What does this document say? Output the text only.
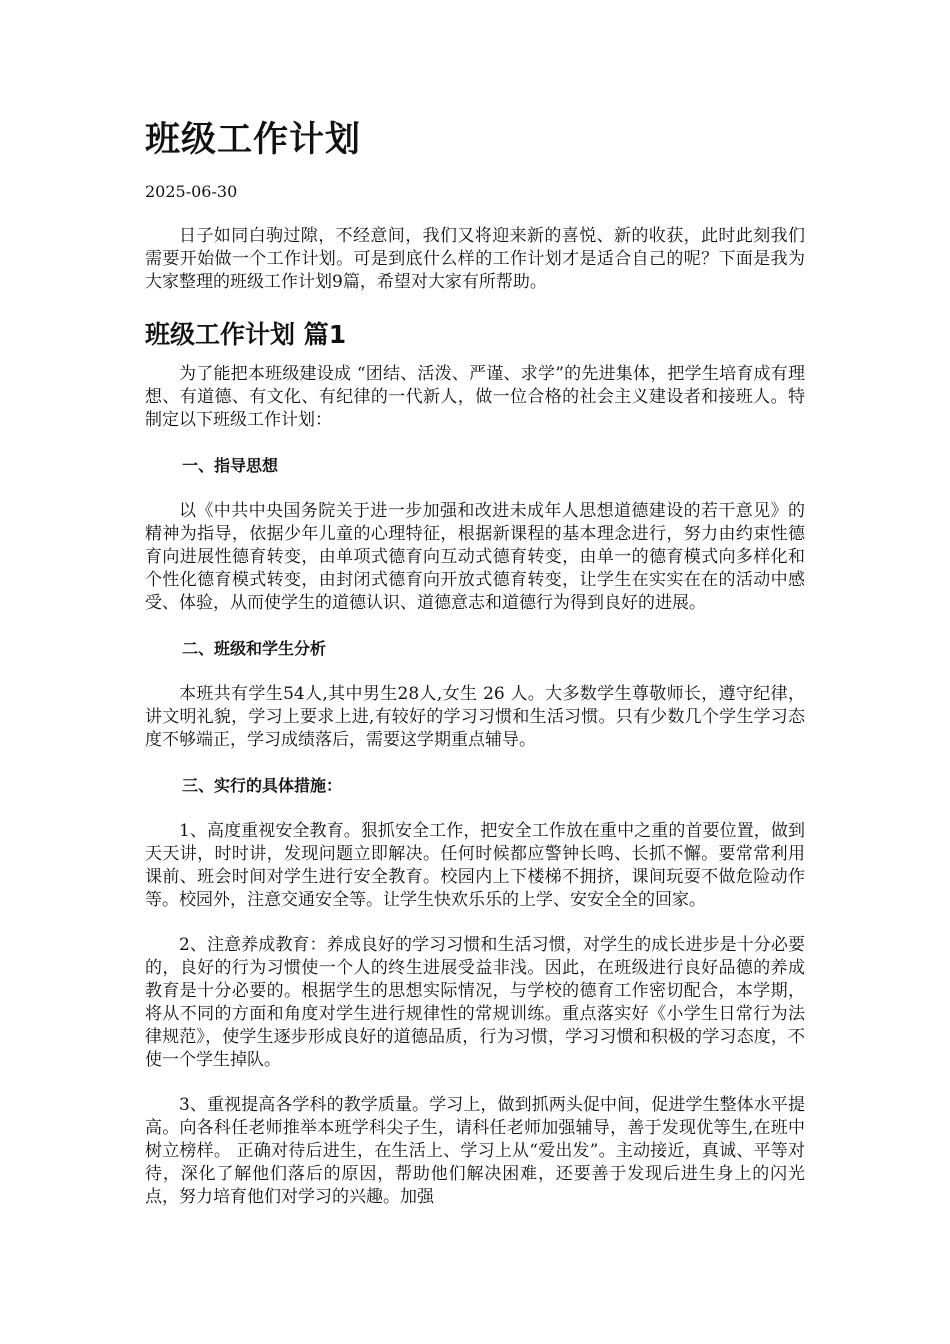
班级工作计划
2025-06-30

日子如同白驹过隙，不经意间，我们又将迎来新的喜悦、新的收获，此时此刻我们需要开始做一个工作计划。可是到底什么样的工作计划才是适合自己的呢？下面是我为大家整理的班级工作计划9篇，希望对大家有所帮助。

班级工作计划 篇1

为了能把本班级建设成 “团结、活泼、严谨、求学”的先进集体，把学生培育成有理想、有道德、有文化、有纪律的一代新人，做一位合格的社会主义建设者和接班人。特制定以下班级工作计划：

一、指导思想

以《中共中央国务院关于进一步加强和改进未成年人思想道德建设的若干意见》的精神为指导，依据少年儿童的心理特征，根据新课程的基本理念进行，努力由约束性德育向进展性德育转变，由单项式德育向互动式德育转变，由单一的德育模式向多样化和个性化德育模式转变，由封闭式德育向开放式德育转变，让学生在实实在在的活动中感受、体验，从而使学生的道德认识、道德意志和道德行为得到良好的进展。

二、班级和学生分析

本班共有学生54人,其中男生28人,女生 26 人。大多数学生尊敬师长，遵守纪律，讲文明礼貌，学习上要求上进,有较好的学习习惯和生活习惯。只有少数几个学生学习态度不够端正，学习成绩落后，需要这学期重点辅导。

三、实行的具体措施：

1、高度重视安全教育。狠抓安全工作，把安全工作放在重中之重的首要位置，做到天天讲，时时讲，发现问题立即解决。任何时候都应警钟长鸣、长抓不懈。要常常利用课前、班会时间对学生进行安全教育。校园内上下楼梯不拥挤，课间玩耍不做危险动作等。校园外，注意交通安全等。让学生快欢乐乐的上学、安安全全的回家。

2、注意养成教育：养成良好的学习习惯和生活习惯，对学生的成长进步是十分必要的，良好的行为习惯使一个人的终生进展受益非浅。因此，在班级进行良好品德的养成教育是十分必要的。根据学生的思想实际情况，与学校的德育工作密切配合，本学期，将从不同的方面和角度对学生进行规律性的常规训练。重点落实好《小学生日常行为法律规范》，使学生逐步形成良好的道德品质，行为习惯，学习习惯和积极的学习态度，不使一个学生掉队。

3、重视提高各学科的教学质量。学习上，做到抓两头促中间，促进学生整体水平提高。向各科任老师推举本班学科尖子生，请科任老师加强辅导，善于发现优等生,在班中树立榜样。 正确对待后进生，在生活上、学习上从“爱出发”。主动接近，真诚、平等对待，深化了解他们落后的原因，帮助他们解决困难，还要善于发现后进生身上的闪光点，努力培育他们对学习的兴趣。加强
